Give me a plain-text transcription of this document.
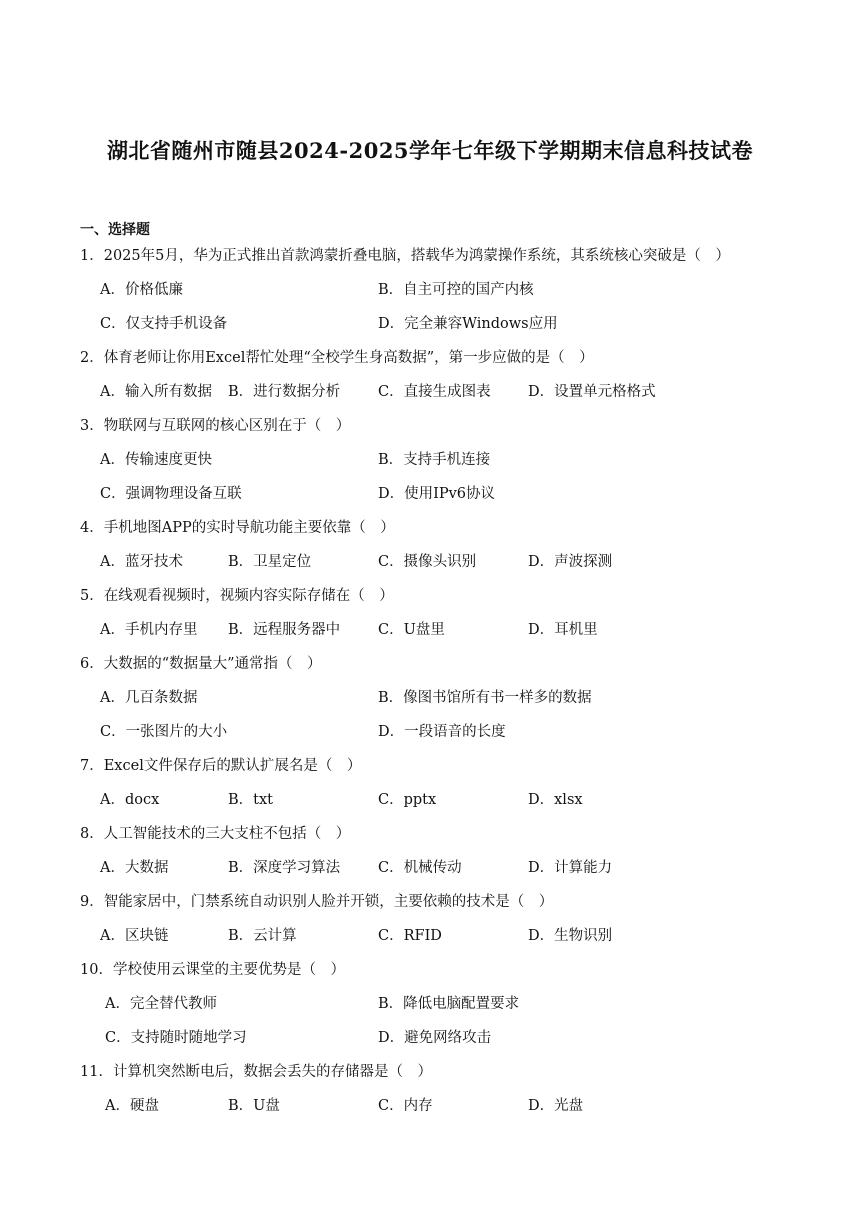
湖北省随州市随县2024-2025学年七年级下学期期末信息科技试卷
一、选择题
1．2025年5月，华为正式推出首款鸿蒙折叠电脑，搭载华为鸿蒙操作系统，其系统核心突破是（　）
A．价格低廉	B．自主可控的国产内核
C．仅支持手机设备	D．完全兼容Windows应用
2．体育老师让你用Excel帮忙处理“全校学生身高数据”，第一步应做的是（　）
A．输入所有数据 B．进行数据分析	C．直接生成图表	D．设置单元格格式
3．物联网与互联网的核心区别在于（　）
A．传输速度更快	B．支持手机连接
C．强调物理设备互联	D．使用IPv6协议
4．手机地图APP的实时导航功能主要依靠（　）
A．蓝牙技术	B．卫星定位	C．摄像头识别	D．声波探测
5．在线观看视频时，视频内容实际存储在（　）
A．手机内存里 B．远程服务器中	C．U盘里	D．耳机里
6．大数据的“数据量大”通常指（　）
A．几百条数据	B．像图书馆所有书一样多的数据
C．一张图片的大小	D．一段语音的长度
7．Excel文件保存后的默认扩展名是（　）
A．docx	B．txt	C．pptx	D．xlsx
8．人工智能技术的三大支柱不包括（　）
A．大数据	B．深度学习算法	C．机械传动	D．计算能力
9．智能家居中，门禁系统自动识别人脸并开锁，主要依赖的技术是（　）
A．区块链	B．云计算	C．RFID	D．生物识别
10．学校使用云课堂的主要优势是（　）
A．完全替代教师	B．降低电脑配置要求
C．支持随时随地学习	D．避免网络攻击
11．计算机突然断电后，数据会丢失的存储器是（　）
A．硬盘	B．U盘	C．内存	D．光盘
